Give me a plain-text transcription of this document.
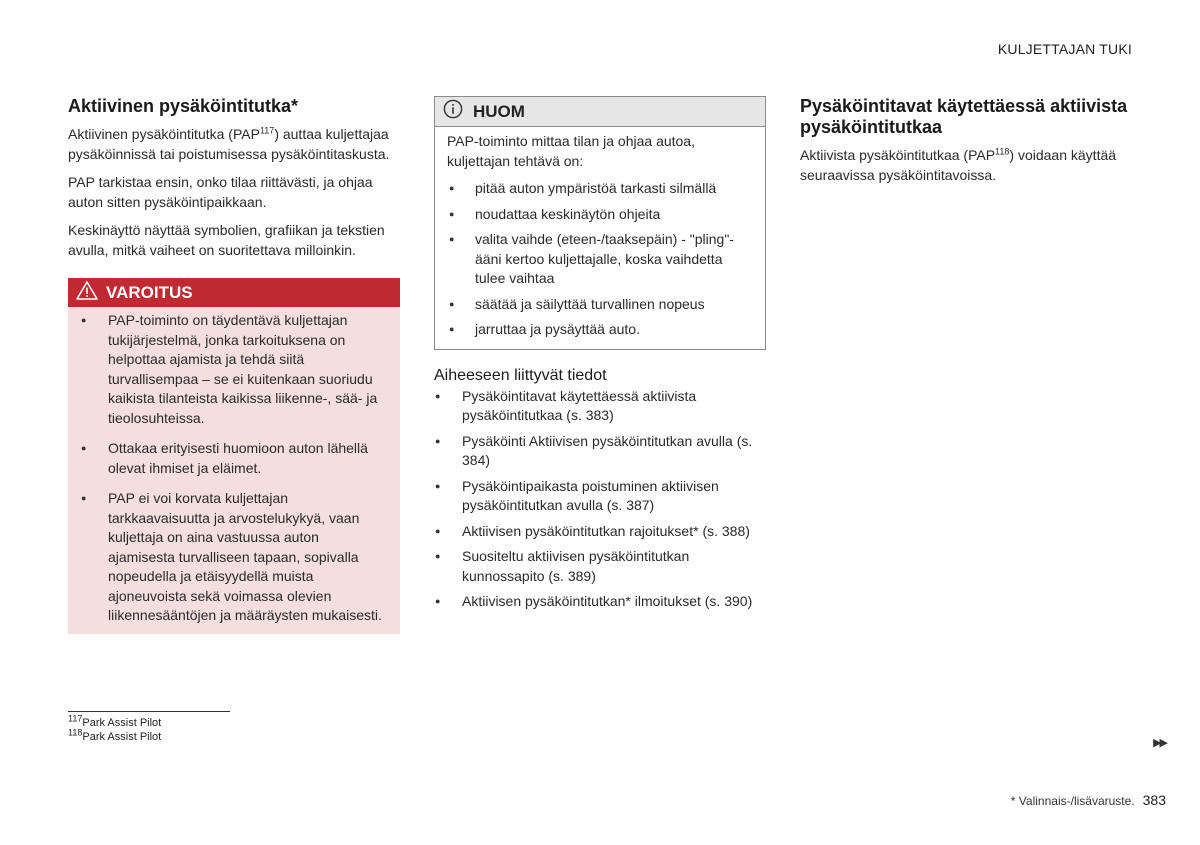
KULJETTAJAN TUKI
Aktiivinen pysäköintitutka*

Aktiivinen pysäköintitutka (PAP$^{117}$) auttaa kuljettajaa pysäköinnissä tai poistumisessa pysäköintitaskusta.

PAP tarkistaa ensin, onko tilaa riittävästi, ja ohjaa auton sitten pysäköintipaikkaan.

Keskinäyttö näyttää symbolien, grafiikan ja tekstien avulla, mitkä vaiheet on suoritettava milloinkin.

VAROITUS
● PAP-toiminto on täydentävä kuljettajan tukijärjestelmä, jonka tarkoituksena on helpottaa ajamista ja tehdä siitä turvallisempaa – se ei kuitenkaan suoriudu kaikista tilanteista kaikissa liikenne-, sää- ja tieolosuhteissa.
● Ottakaa erityisesti huomioon auton lähellä olevat ihmiset ja eläimet.
● PAP ei voi korvata kuljettajan tarkkaavaisuutta ja arvostelukykyä, vaan kuljettaja on aina vastuussa auton ajamisesta turvalliseen tapaan, sopivalla nopeudella ja etäisyydellä muista ajoneuvoista sekä voimassa olevien liikennesääntöjen ja määräysten mukaisesti.
HUOM

PAP-toiminto mittaa tilan ja ohjaa autoa, kuljettajan tehtävä on:

● pitää auton ympäristöä tarkasti silmällä
● noudattaa keskinäytön ohjeita
● valita vaihde (eteen-/taaksepäin) - "pling"-ääni kertoo kuljettajalle, koska vaihdetta tulee vaihtaa
● säätää ja säilyttää turvallinen nopeus
● jarruttaa ja pysäyttää auto.
Aiheeseen liittyvät tiedot
● Pysäköintitavat käytettäessä aktiivista pysäköintitutkaa (s. 383)
● Pysäköinti Aktiivisen pysäköintitutkan avulla (s. 384)
● Pysäköintipaikasta poistuminen aktiivisen pysäköintitutkan avulla (s. 387)
● Aktiivisen pysäköintitutkan rajoitukset* (s. 388)
● Suositeltu aktiivisen pysäköintitutkan kunnossapito (s. 389)
● Aktiivisen pysäköintitutkan* ilmoitukset (s. 390)
Pysäköintitavat käytettäessä aktiivista pysäköintitutkaa

Aktiivista pysäköintitutkaa (PAP$^{118}$) voidaan käyttää seuraavissa pysäköintitavoissa.

$^{117}$Park Assist Pilot
$^{118}$Park Assist Pilot	▶▶
* Valinnais-/lisävaruste. 383
